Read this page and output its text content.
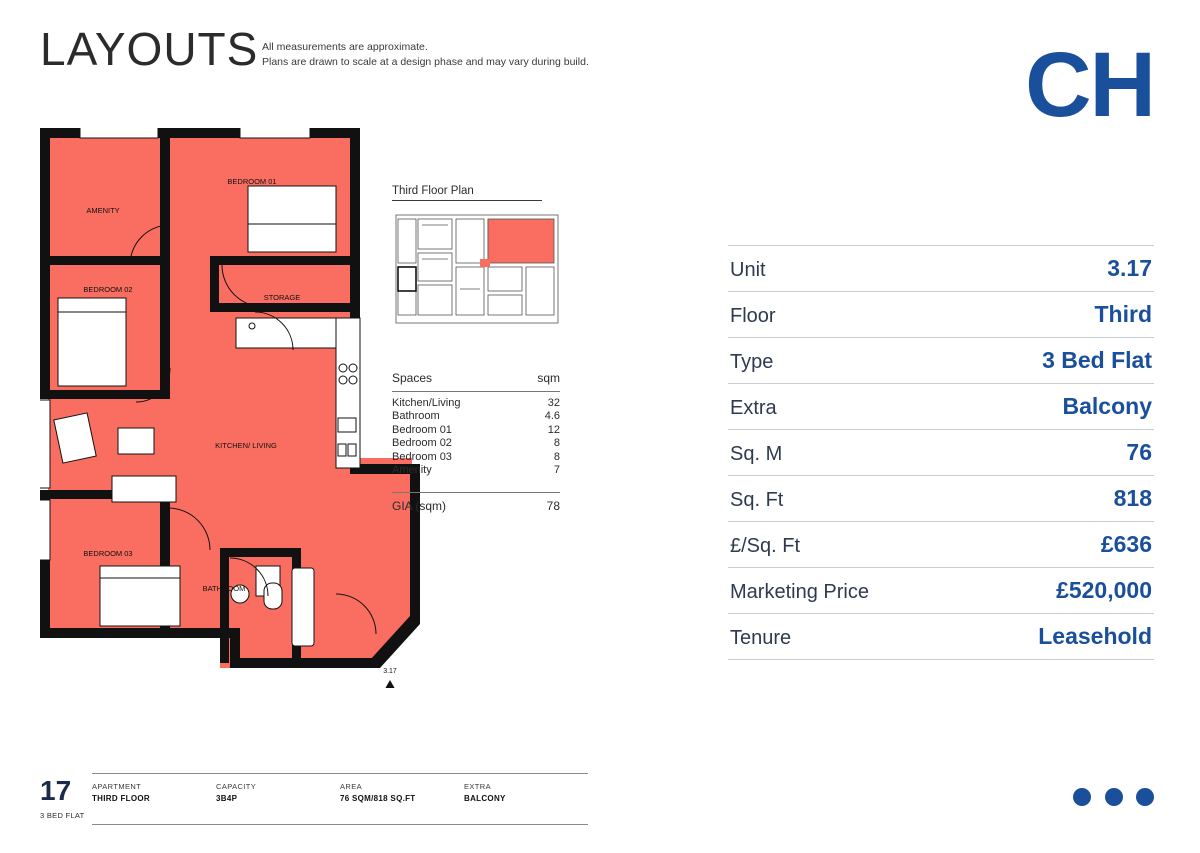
LAYOUTS All measurements are approximate.
Plans are drawn to scale at a design phase and may vary during build.	CH
AMENITY
BEDROOM 01
BEDROOM 02
STORAGE
KITCHEN/ LIVING
BEDROOM 03
BATHROOM
3.17
Third Floor Plan
Spaces	sqm
Kitchen/Living	32
Bathroom	4.6
Bedroom 01	12
Bedroom 02	8
Bedroom 03	8
Amenity	7
GIA (sqm)	78
Unit	3.17
Floor	Third
Type	3 Bed Flat
Extra	Balcony
Sq. M	76
Sq. Ft	818
£/Sq. Ft	£636
Marketing Price	£520,000
Tenure	Leasehold
17
3 BED FLAT
APARTMENT
THIRD FLOOR
CAPACITY
3B4P
AREA
76 SQM/818 SQ.FT
EXTRA
BALCONY
